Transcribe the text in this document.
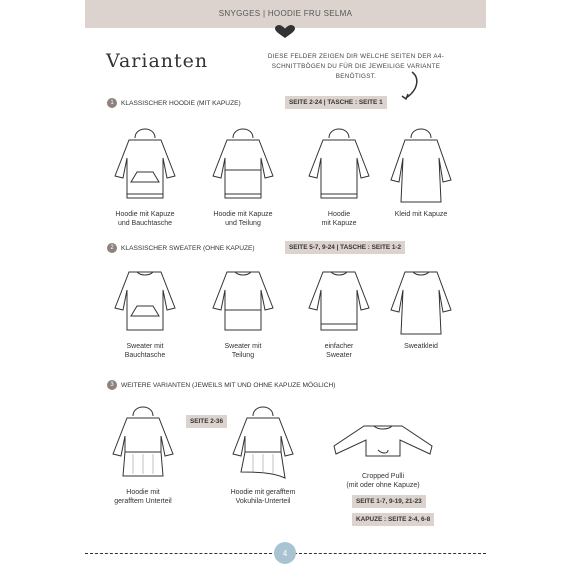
SNYGGES | HOODIE FRU SELMA
Varianten	DIESE FELDER ZEIGEN DIR WELCHE SEITEN DER A4-SCHNITTBÖGEN DU FÜR DIE JEWEILIGE VARIANTE BENÖTIGST.
1	KLASSISCHER HOODIE (MIT KAPUZE)	SEITE 2-24 | TASCHE : SEITE 1
Hoodie mit Kapuze
und Bauchtasche
Hoodie mit Kapuze
und Teilung
Hoodie
mit Kapuze
Kleid mit Kapuze
2	KLASSISCHER SWEATER (OHNE KAPUZE)	SEITE 5-7, 9-24 | TASCHE : SEITE 1-2
Sweater mit
Bauchtasche
Sweater mit
Teilung
einfacher
Sweater
Sweatkleid
3	WEITERE VARIANTEN (JEWEILS MIT UND OHNE KAPUZE MÖGLICH)
SEITE 2-36
Hoodie mit
gerafftem Unterteil
Hoodie mit gerafftem
Vokuhila-Unterteil
Cropped Pulli
(mit oder ohne Kapuze)
SEITE 1-7, 9-19, 21-23
KAPUZE : SEITE 2-4, 6-8
4
